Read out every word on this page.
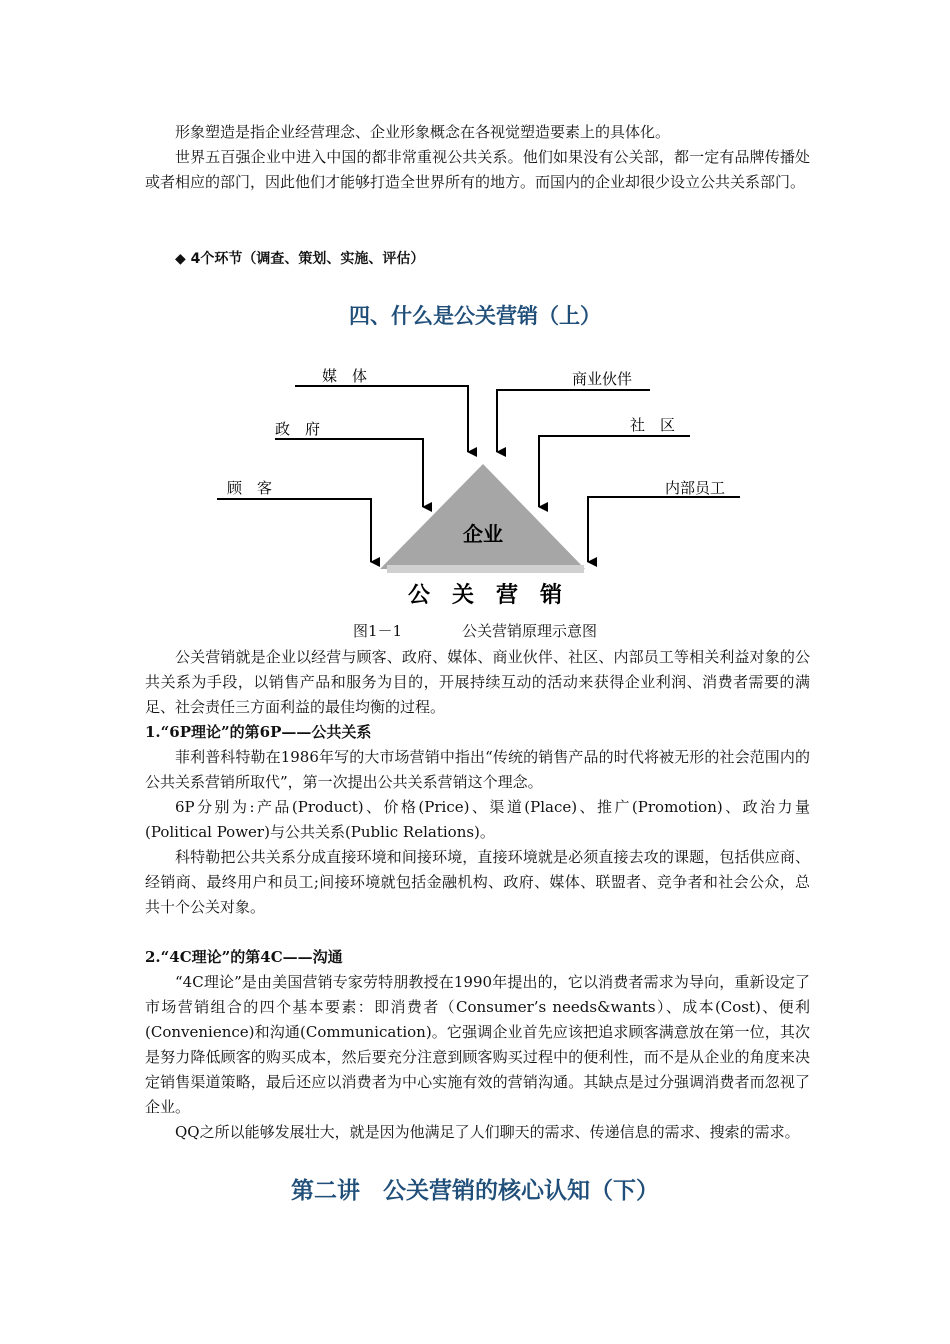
形象塑造是指企业经营理念、企业形象概念在各视觉塑造要素上的具体化。

世界五百强企业中进入中国的都非常重视公共关系。他们如果没有公关部，都一定有品牌传播处或者相应的部门，因此他们才能够打造全世界所有的地方。而国内的企业却很少设立公共关系部门。

◆ 4个环节（调查、策划、实施、评估）

四、什么是公关营销（上）
媒　体	商业伙伴
政　府	社　区
顾　客	内部员工
企业
公　关　营　销

图1－1	公关营销原理示意图

公关营销就是企业以经营与顾客、政府、媒体、商业伙伴、社区、内部员工等相关利益对象的公共关系为手段，以销售产品和服务为目的，开展持续互动的活动来获得企业利润、消费者需要的满足、社会责任三方面利益的最佳均衡的过程。

1.“6P理论”的第6P——公共关系

菲利普科特勒在1986年写的大市场营销中指出“传统的销售产品的时代将被无形的社会范围内的公共关系营销所取代”，第一次提出公共关系营销这个理念。

6P分别为:产品(Product)、价格(Price)、渠道(Place)、推广(Promotion)、政治力量(Political Power)与公共关系(Public Relations)。

科特勒把公共关系分成直接环境和间接环境，直接环境就是必须直接去攻的课题，包括供应商、经销商、最终用户和员工;间接环境就包括金融机构、政府、媒体、联盟者、竞争者和社会公众，总共十个公关对象。

2.“4C理论”的第4C——沟通

“4C理论”是由美国营销专家劳特朋教授在1990年提出的，它以消费者需求为导向，重新设定了市场营销组合的四个基本要素：即消费者（Consumer’s needs&wants）、成本(Cost)、便利(Convenience)和沟通(Communication)。它强调企业首先应该把追求顾客满意放在第一位，其次是努力降低顾客的购买成本，然后要充分注意到顾客购买过程中的便利性，而不是从企业的角度来决定销售渠道策略，最后还应以消费者为中心实施有效的营销沟通。其缺点是过分强调消费者而忽视了企业。

QQ之所以能够发展壮大，就是因为他满足了人们聊天的需求、传递信息的需求、搜索的需求。

第二讲　公关营销的核心认知（下）
